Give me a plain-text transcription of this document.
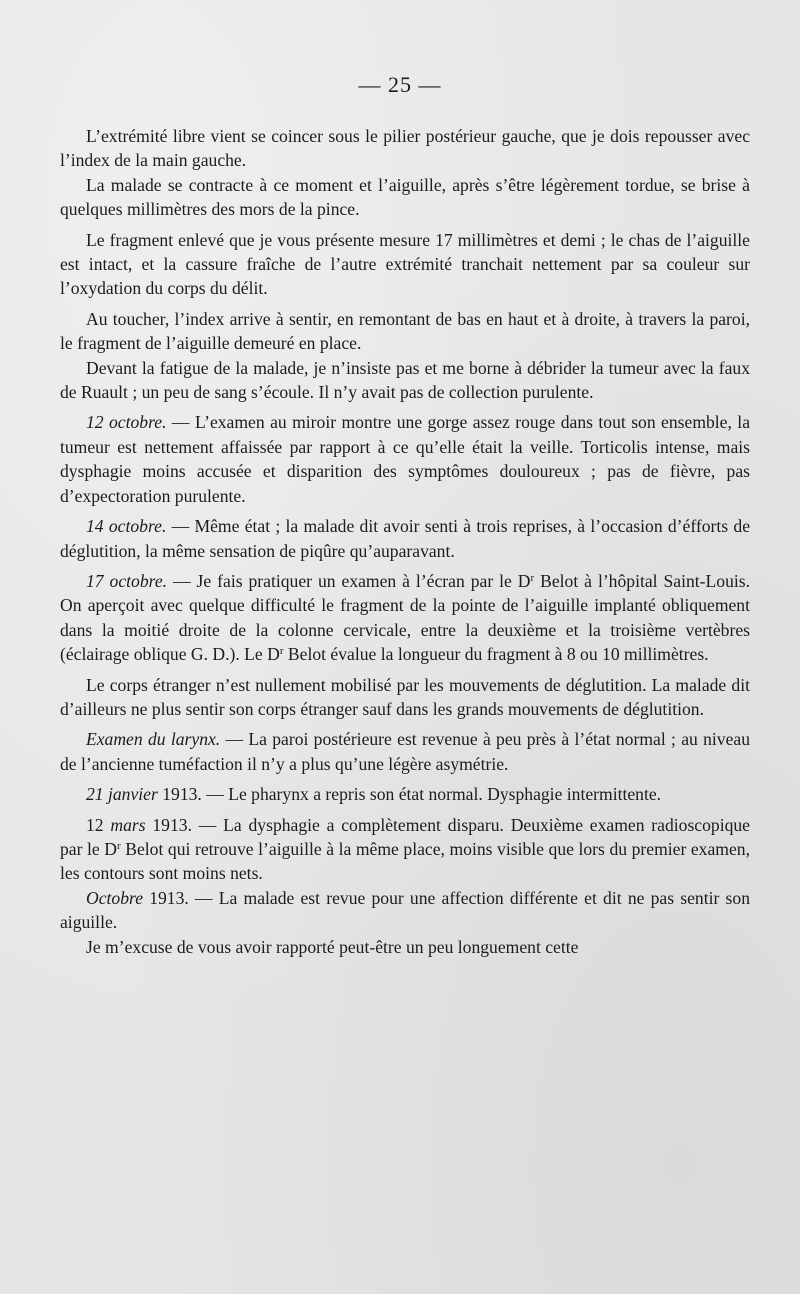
— 25 —

L’extrémité libre vient se coincer sous le pilier postérieur gauche, que je dois repousser avec l’index de la main gauche.

La malade se contracte à ce moment et l’aiguille, après s’être légèrement tordue, se brise à quelques millimètres des mors de la pince.

Le fragment enlevé que je vous présente mesure 17 millimètres et demi ; le chas de l’aiguille est intact, et la cassure fraîche de l’autre extrémité tranchait nettement par sa couleur sur l’oxydation du corps du délit.

Au toucher, l’index arrive à sentir, en remontant de bas en haut et à droite, à travers la paroi, le fragment de l’aiguille demeuré en place.

Devant la fatigue de la malade, je n’insiste pas et me borne à débrider la tumeur avec la faux de Ruault ; un peu de sang s’écoule. Il n’y avait pas de collection purulente.

12 octobre. — L’examen au miroir montre une gorge assez rouge dans tout son ensemble, la tumeur est nettement affaissée par rapport à ce qu’elle était la veille. Torticolis intense, mais dysphagie moins accusée et disparition des symptômes douloureux ; pas de fièvre, pas d’expectoration purulente.

14 octobre. — Même état ; la malade dit avoir senti à trois reprises, à l’occasion d’éfforts de déglutition, la même sensation de piqûre qu’auparavant.

17 octobre. — Je fais pratiquer un examen à l’écran par le $D^r$ Belot à l’hôpital Saint-Louis. On aperçoit avec quelque difficulté le fragment de la pointe de l’aiguille implanté obliquement dans la moitié droite de la colonne cervicale, entre la deuxième et la troisième vertèbres (éclairage oblique G. D.). Le $D^r$ Belot évalue la longueur du fragment à 8 ou 10 millimètres.

Le corps étranger n’est nullement mobilisé par les mouvements de déglutition. La malade dit d’ailleurs ne plus sentir son corps étranger sauf dans les grands mouvements de déglutition.

Examen du larynx. — La paroi postérieure est revenue à peu près à l’état normal ; au niveau de l’ancienne tuméfaction il n’y a plus qu’une légère asymétrie.

21 janvier 1913. — Le pharynx a repris son état normal. Dysphagie intermittente.

12 mars 1913. — La dysphagie a complètement disparu. Deuxième examen radioscopique par le $D^r$ Belot qui retrouve l’aiguille à la même place, moins visible que lors du premier examen, les contours sont moins nets.

Octobre 1913. — La malade est revue pour une affection différente et dit ne pas sentir son aiguille.

Je m’excuse de vous avoir rapporté peut-être un peu longuement cette
